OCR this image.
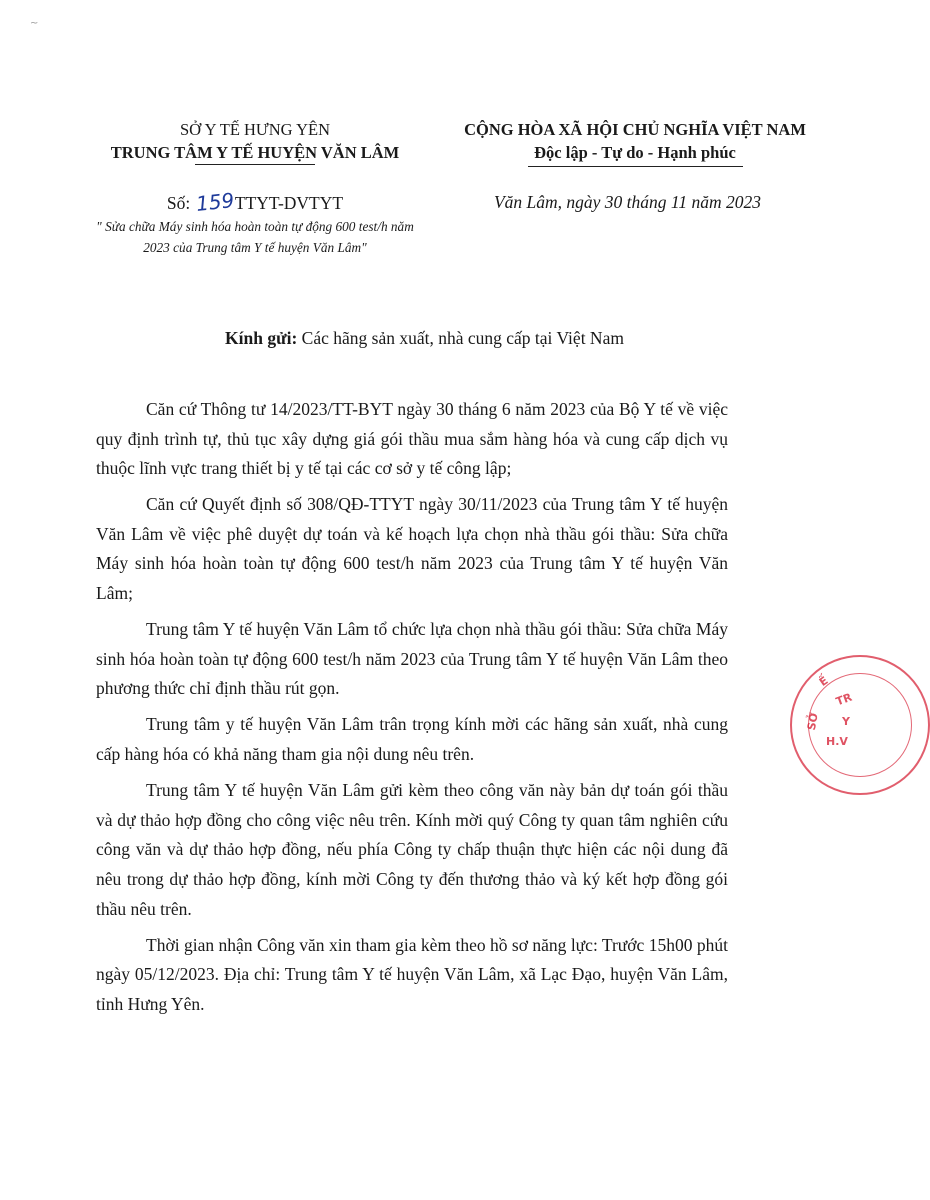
~
SỞ Y TẾ HƯNG YÊN
TRUNG TÂM Y TẾ HUYỆN VĂN LÂM
CỘNG HÒA XÃ HỘI CHỦ NGHĨA VIỆT NAM
Độc lập - Tự do - Hạnh phúc
Số: 159TTYT-DVTYT
" Sửa chữa Máy sinh hóa hoàn toàn tự động 600 test/h năm
2023 của Trung tâm Y tế huyện Văn Lâm"
Văn Lâm, ngày 30 tháng 11 năm 2023
Kính gửi: Các hãng sản xuất, nhà cung cấp tại Việt Nam

Căn cứ Thông tư 14/2023/TT-BYT ngày 30 tháng 6 năm 2023 của Bộ Y tế về việc quy định trình tự, thủ tục xây dựng giá gói thầu mua sắm hàng hóa và cung cấp dịch vụ thuộc lĩnh vực trang thiết bị y tế tại các cơ sở y tế công lập;

Căn cứ Quyết định số 308/QĐ-TTYT ngày 30/11/2023 của Trung tâm Y tế huyện Văn Lâm về việc phê duyệt dự toán và kế hoạch lựa chọn nhà thầu gói thầu: Sửa chữa Máy sinh hóa hoàn toàn tự động 600 test/h năm 2023 của Trung tâm Y tế huyện Văn Lâm;

Trung tâm Y tế huyện Văn Lâm tổ chức lựa chọn nhà thầu gói thầu: Sửa chữa Máy sinh hóa hoàn toàn tự động 600 test/h năm 2023 của Trung tâm Y tế huyện Văn Lâm theo phương thức chỉ định thầu rút gọn.

Trung tâm y tế huyện Văn Lâm trân trọng kính mời các hãng sản xuất, nhà cung cấp hàng hóa có khả năng tham gia nội dung nêu trên.

Trung tâm Y tế huyện Văn Lâm gửi kèm theo công văn này bản dự toán gói thầu và dự thảo hợp đồng cho công việc nêu trên. Kính mời quý Công ty quan tâm nghiên cứu công văn và dự thảo hợp đồng, nếu phía Công ty chấp thuận thực hiện các nội dung đã nêu trong dự thảo hợp đồng, kính mời Công ty đến thương thảo và ký kết hợp đồng gói thầu nêu trên.

Thời gian nhận Công văn xin tham gia kèm theo hồ sơ năng lực: Trước 15h00 phút ngày 05/12/2023. Địa chỉ: Trung tâm Y tế huyện Văn Lâm, xã Lạc Đạo, huyện Văn Lâm, tỉnh Hưng Yên.

Ế
TR
SỞ Y
H.V
